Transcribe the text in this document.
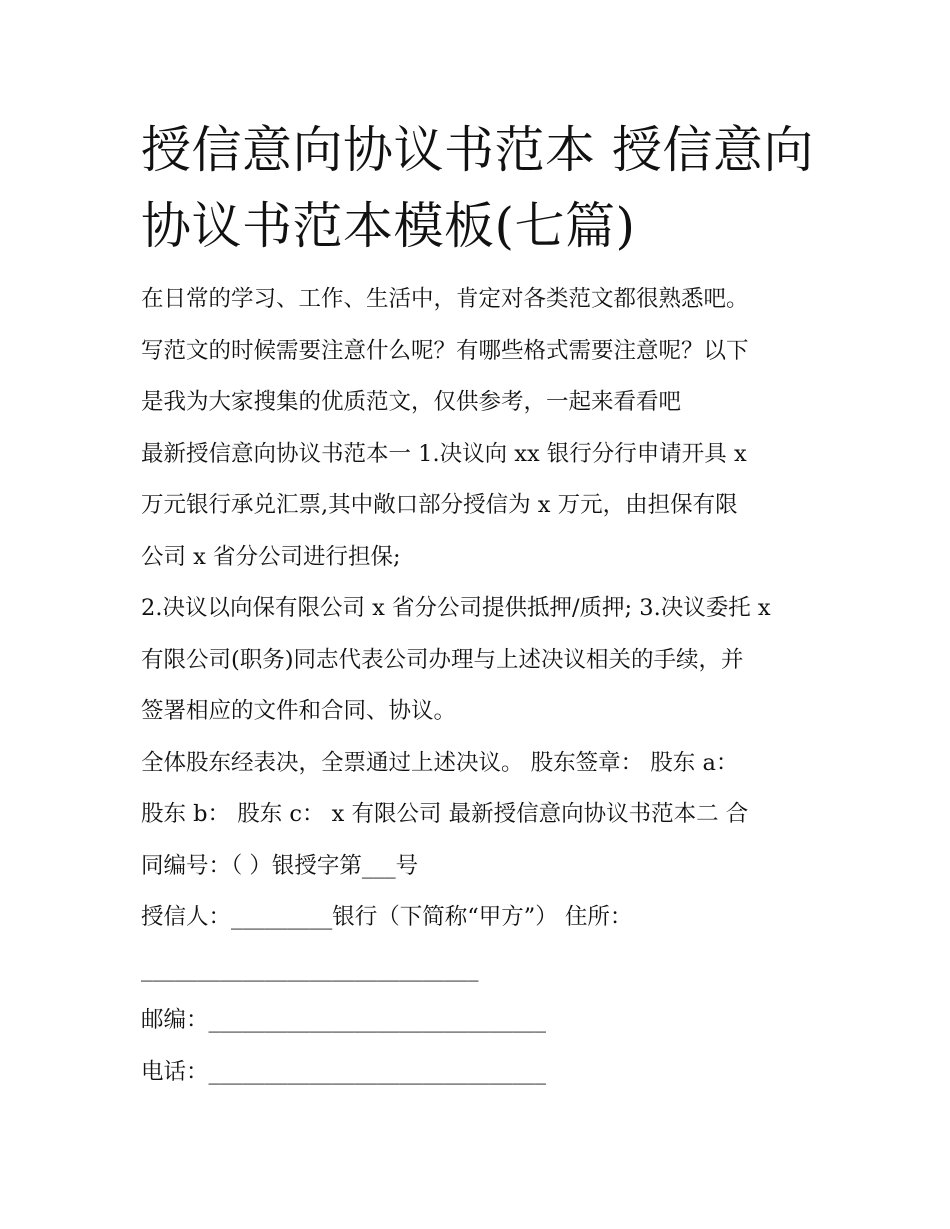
授信意向协议书范本 授信意向
协议书范本模板(七篇)
在日常的学习、工作、生活中，肯定对各类范文都很熟悉吧。
写范文的时候需要注意什么呢？有哪些格式需要注意呢？以下
是我为大家搜集的优质范文，仅供参考，一起来看看吧
最新授信意向协议书范本一 1.决议向 xx 银行分行申请开具 x
万元银行承兑汇票,其中敞口部分授信为 x 万元，由担保有限
公司 x 省分公司进行担保;
2.决议以向保有限公司 x 省分公司提供抵押/质押; 3.决议委托 x
有限公司(职务)同志代表公司办理与上述决议相关的手续，并
签署相应的文件和合同、协议。
全体股东经表决，全票通过上述决议。 股东签章： 股东 a：
股东 b： 股东 c： x 有限公司 最新授信意向协议书范本二 合
同编号：（ ）银授字第___号
授信人：_________银行（下简称“甲方”） 住所：
______________________________
邮编：______________________________
电话：______________________________
